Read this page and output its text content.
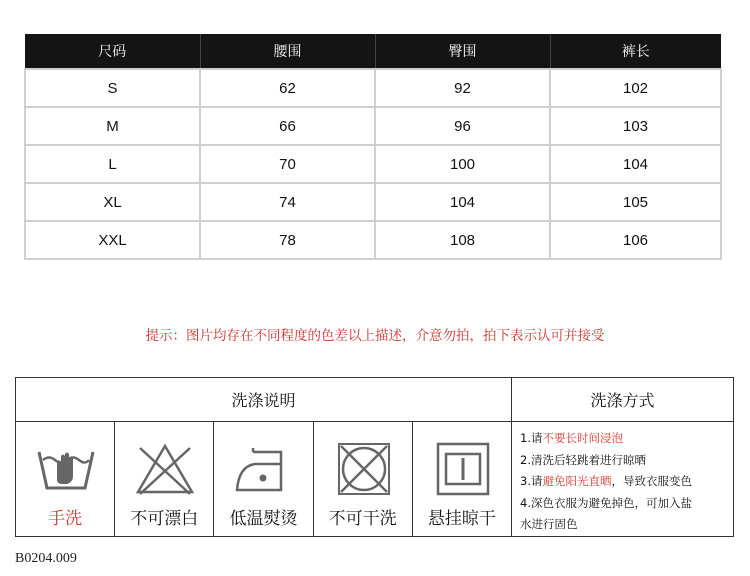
尺码	腰围	臀围	裤长
S	62	92	102
M	66	96	103
L	70	100	104
XL	74	104	105
XXL	78	108	106
提示：图片均存在不同程度的色差以上描述，介意勿拍，拍下表示认可并接受
洗涤说明	洗涤方式
手洗	不可漂白	低温熨烫	不可干洗	悬挂晾干
1.请不要长时间浸泡
2.清洗后轻跳着进行晾晒
3.请避免阳光直晒，导致衣服变色
4.深色衣服为避免掉色，可加入盐
水进行固色
B0204.009
